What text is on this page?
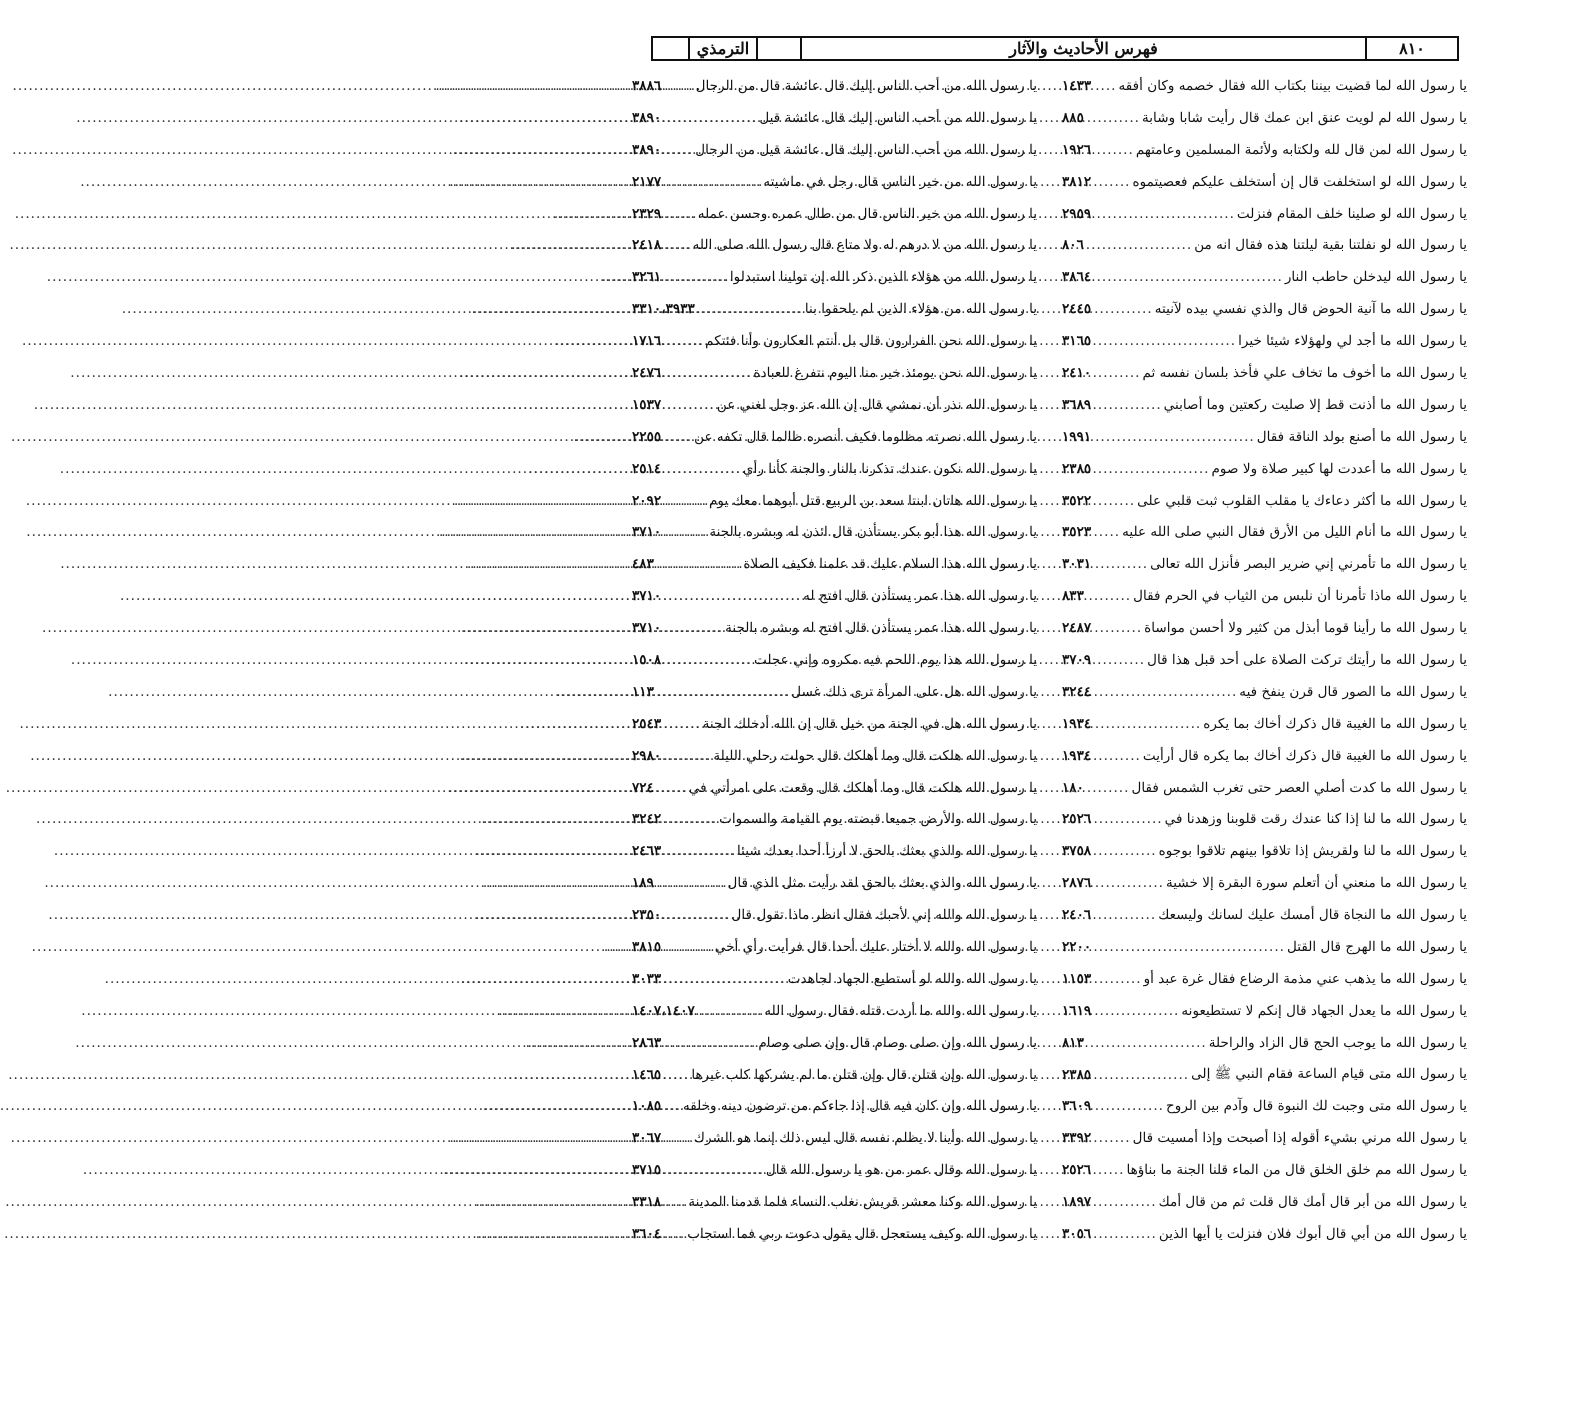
٨١٠
فهرس الأحاديث والآثار
الترمذي
يا رسول الله لما قضيت بيننا بكتاب الله فقال خصمه وكان أفقه
.....
١٤٣٣
يا رسول الله لم لويت عنق ابن عمك قال رأيت شابا وشابة
.....
٨٨٥
يا رسول الله لمن قال لله ولكتابه ولأئمة المسلمين وعامتهم
.....
١٩٢٦
يا رسول الله لو استخلفت قال إن أستخلف عليكم فعصيتموه
.....
٣٨١٢
يا رسول الله لو صلينا خلف المقام فنزلت
.....
٢٩٥٩
يا رسول الله لو نفلتنا بقية ليلتنا هذه فقال انه من
.....
٨٠٦
يا رسول الله ليدخلن حاطب النار
.....
٣٨٦٤
يا رسول الله ما آنية الحوض قال والذي نفسي بيده لآنيته
.....
٢٤٤٥
يا رسول الله ما أجد لي ولهؤلاء شيئا خيرا
.....
٣١٦٥
يا رسول الله ما أخوف ما تخاف علي فأخذ بلسان نفسه ثم
.....
٢٤١٠
يا رسول الله ما أذنت قط إلا صليت ركعتين وما أصابني
.....
٣٦٨٩
يا رسول الله ما أصنع بولد الناقة فقال
.....
١٩٩١
يا رسول الله ما أعددت لها كبير صلاة ولا صوم
.....
٢٣٨٥
يا رسول الله ما أكثر دعاءك يا مقلب القلوب ثبت قلبي على
.....
٣٥٢٢
يا رسول الله ما أنام الليل من الأرق فقال النبي صلى الله عليه
.....
٣٥٢٣
يا رسول الله ما تأمرني إني ضرير البصر فأنزل الله تعالى
.....
٣٠٣١
يا رسول الله ماذا تأمرنا أن نلبس من الثياب في الحرم فقال
.....
٨٣٣
يا رسول الله ما رأينا قوما أبذل من كثير ولا أحسن مواساة
.....
٢٤٨٧
يا رسول الله ما رأيتك تركت الصلاة على أحد قبل هذا قال
.....
٣٧٠٩
يا رسول الله ما الصور قال قرن ينفخ فيه
.....
٣٢٤٤
يا رسول الله ما الغيبة قال ذكرك أخاك بما يكره
.....
١٩٣٤
يا رسول الله ما الغيبة قال ذكرك أخاك بما يكره قال أرأيت
.....
١٩٣٤
يا رسول الله ما كدت أصلي العصر حتى تغرب الشمس فقال
.....
١٨٠
يا رسول الله ما لنا إذا كنا عندك رقت قلوبنا وزهدنا في
.....
٢٥٢٦
يا رسول الله ما لنا ولقريش إذا تلاقوا بينهم تلاقوا بوجوه
.....
٣٧٥٨
يا رسول الله ما منعني أن أتعلم سورة البقرة إلا خشية
.....
٢٨٧٦
يا رسول الله ما النجاة قال أمسك عليك لسانك وليسعك
.....
٢٤٠٦
يا رسول الله ما الهرج قال القتل
.....
٢٢٠٠
يا رسول الله ما يذهب عني مذمة الرضاع فقال غرة عبد أو
.....
١١٥٣
يا رسول الله ما يعدل الجهاد قال إنكم لا تستطيعونه
.....
١٦١٩
يا رسول الله ما يوجب الحج قال الزاد والراحلة
.....
٨١٣
يا رسول الله متى قيام الساعة فقام النبي ﷺ إلى
.....
٢٣٨٥
يا رسول الله متى وجبت لك النبوة قال وآدم بين الروح
.....
٣٦٠٩
يا رسول الله مرني بشيء أقوله إذا أصبحت وإذا أمسيت قال
.....
٣٣٩٢
يا رسول الله مم خلق الخلق قال من الماء قلنا الجنة ما بناؤها
.....
٢٥٢٦
يا رسول الله من أبر قال أمك قال قلت ثم من قال أمك
.....
١٨٩٧
يا رسول الله من أبي قال أبوك فلان فنزلت يا أيها الذين
.....
٣٠٥٦
يا رسول الله من أحب الناس إليك قال عائشة قال من الرجال
.....
٣٨٨٦
يا رسول الله من أحب الناس إليك قال عائشة قيل
.....
٣٨٩٠
يا رسول الله من أحب الناس إليك قال عائشة قيل من الرجال
.....
٣٨٩٠
يا رسول الله من خير الناس قال رجل في ماشيته
.....
٢١٧٧
يا رسول الله من خير الناس قال من طال عمره وحسن عمله
.....
٢٣٢٩
يا رسول الله من لا درهم له ولا متاع قال رسول الله صلى الله
.....
٢٤١٨
يا رسول الله من هؤلاء الذين ذكر الله إن تولينا استبدلوا
.....
٣٢٦١
يا رسول الله من هؤلاء الذين لم يلحقوا بنا
.....
٣٣١٠،٣٩٣٣
يا رسول الله نحن الفرارون قال بل أنتم العكارون وأنا فئتكم
.....
١٧١٦
يا رسول الله نحن يومئذ خير منا اليوم نتفرغ للعبادة
.....
٢٤٧٦
يا رسول الله نذر أن نمشي قال إن الله عز وجل لغني عن
.....
١٥٣٧
يا رسول الله نصرته مظلوما فكيف أنصره ظالما قال تكفه عن
.....
٢٢٥٥
يا رسول الله نكون عندك تذكرنا بالنار والجنة كأنا رأي
.....
٢٥١٤
يا رسول الله هاتان ابنتا سعد بن الربيع قتل أبوهما معك يوم
.....
٢٠٩٢
يا رسول الله هذا أبو بكر يستأذن قال ائذن له وبشره بالجنة
.....
٣٧١٠
يا رسول الله هذا السلام عليك قد علمنا فكيف الصلاة
.....
٤٨٣
يا رسول الله هذا عمر يستأذن قال افتح له
.....
٣٧١٠
يا رسول الله هذا عمر يستأذن قال افتح له وبشره بالجنة
.....
٣٧١٠
يا رسول الله هذا يوم اللحم فيه مكروه وإني عجلت
.....
١٥٠٨
يا رسول الله هل على المرأة ترى ذلك غسل
.....
١١٣
يا رسول الله هل في الجنة من خيل قال إن الله أدخلك الجنة
.....
٢٥٤٣
يا رسول الله هلكت قال وما أهلكك قال حولت رحلي الليلة
.....
٢٩٨٠
يا رسول الله هلكت قال وما أهلكك قال وقعت على امرأتي في
.....
٧٢٤
يا رسول الله والأرض جميعا قبضته يوم القيامة والسموات
.....
٣٢٤٢
يا رسول الله والذي بعثك بالحق لا أرزأ أحدا بعدك شيئا
.....
٢٤٦٣
يا رسول الله والذي بعثك بالحق لقد رأيت مثل الذي قال
.....
١٨٩
يا رسول الله والله إني لأحبك فقال انظر ماذا تقول قال
.....
٢٣٥٠
يا رسول الله والله لا أختار عليك أحدا قال فرأيت رأي أخي
.....
٣٨١٥
يا رسول الله والله لو أستطيع الجهاد لجاهدت
.....
٣٠٣٣
يا رسول الله والله ما أردت قتله فقال رسول الله
.....
١٤٠٧،١٤٠٧
يا رسول الله وإن صلى وصام قال وإن صلى وصام
.....
٢٨٦٣
يا رسول الله وإن قتلن قال وإن قتلن ما لم يشركها كلب غيرها
.....
١٤٦٥
يا رسول الله وإن كان فيه قال إذا جاءكم من ترضون دينه وخلقه
.....
١٠٨٥
يا رسول الله وأينا لا يظلم نفسه قال ليس ذلك إنما هو الشرك
.....
٣٠٦٧
يا رسول الله وقال عمر من هو يا رسول الله قال
.....
٣٧١٥
يا رسول الله وكنا معشر قريش نغلب النساء فلما قدمنا المدينة
.....
٣٣١٨
يا رسول الله وكيف يستعجل قال يقول دعوت ربي فما استجاب
.....
٣٦٠٤
